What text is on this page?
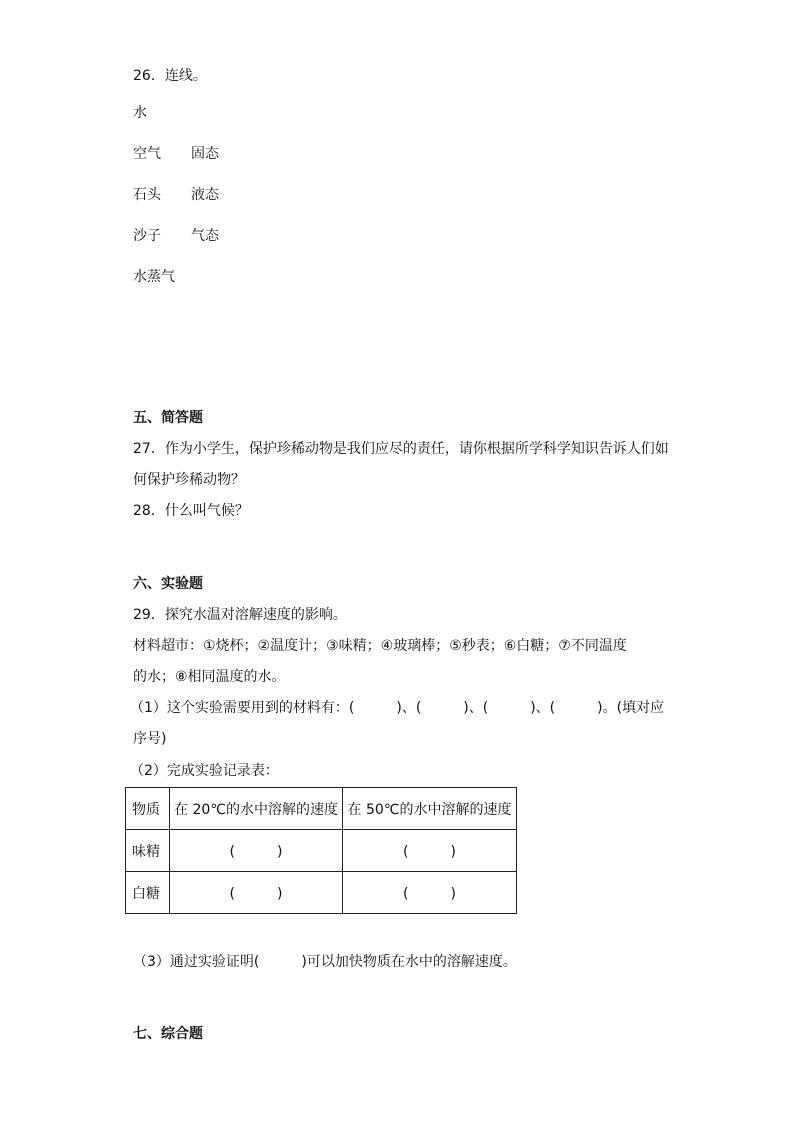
26．连线。
水
空气
石头
沙子
水蒸气
固态
液态
气态
五、简答题
27．作为小学生，保护珍稀动物是我们应尽的责任，请你根据所学科学知识告诉人们如
何保护珍稀动物？
28．什么叫气候？
六、实验题
29．探究水温对溶解速度的影响。
材料超市：①烧杯；②温度计；③味精；④玻璃棒；⑤秒表；⑥白糖；⑦不同温度
的水；⑧相同温度的水。
（1）这个实验需要用到的材料有：(　　　)、(　　　)、(　　　)、(　　　)。(填对应
序号)
（2）完成实验记录表：
物质	在 20℃的水中溶解的速度	在 50℃的水中溶解的速度
味精	(　　　)	(　　　)
白糖	(　　　)	(　　　)
（3）通过实验证明(　　　)可以加快物质在水中的溶解速度。
七、综合题
